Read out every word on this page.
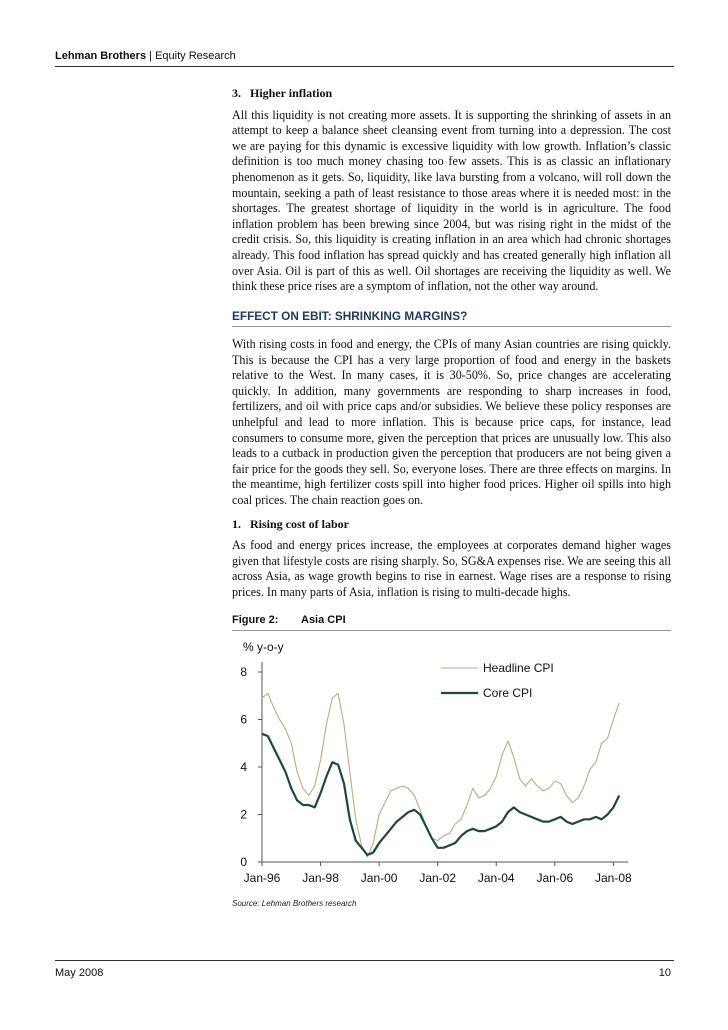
Lehman Brothers | Equity Research

3. Higher inflation

All this liquidity is not creating more assets. It is supporting the shrinking of assets in an attempt to keep a balance sheet cleansing event from turning into a depression. The cost we are paying for this dynamic is excessive liquidity with low growth. Inflation’s classic definition is too much money chasing too few assets. This is as classic an inflationary phenomenon as it gets. So, liquidity, like lava bursting from a volcano, will roll down the mountain, seeking a path of least resistance to those areas where it is needed most: in the shortages. The greatest shortage of liquidity in the world is in agriculture. The food inflation problem has been brewing since 2004, but was rising right in the midst of the credit crisis. So, this liquidity is creating inflation in an area which had chronic shortages already. This food inflation has spread quickly and has created generally high inflation all over Asia. Oil is part of this as well. Oil shortages are receiving the liquidity as well. We think these price rises are a symptom of inflation, not the other way around.

EFFECT ON EBIT: SHRINKING MARGINS?

With rising costs in food and energy, the CPIs of many Asian countries are rising quickly. This is because the CPI has a very large proportion of food and energy in the baskets relative to the West. In many cases, it is 30-50%. So, price changes are accelerating quickly. In addition, many governments are responding to sharp increases in food, fertilizers, and oil with price caps and/or subsidies. We believe these policy responses are unhelpful and lead to more inflation. This is because price caps, for instance, lead consumers to consume more, given the perception that prices are unusually low. This also leads to a cutback in production given the perception that producers are not being given a fair price for the goods they sell. So, everyone loses. There are three effects on margins. In the meantime, high fertilizer costs spill into higher food prices. Higher oil spills into high coal prices. The chain reaction goes on.

1. Rising cost of labor

As food and energy prices increase, the employees at corporates demand higher wages given that lifestyle costs are rising sharply. So, SG&A expenses rise. We are seeing this all across Asia, as wage growth begins to rise in earnest. Wage rises are a response to rising prices. In many parts of Asia, inflation is rising to multi-decade highs.

Figure 2: Asia CPI
% y-o-y
0
2
4
6
8
Jan-96 Jan-98 Jan-00 Jan-02 Jan-04 Jan-06 Jan-08
Headline CPI
Core CPI
Source: Lehman Brothers research
May 2008	10
